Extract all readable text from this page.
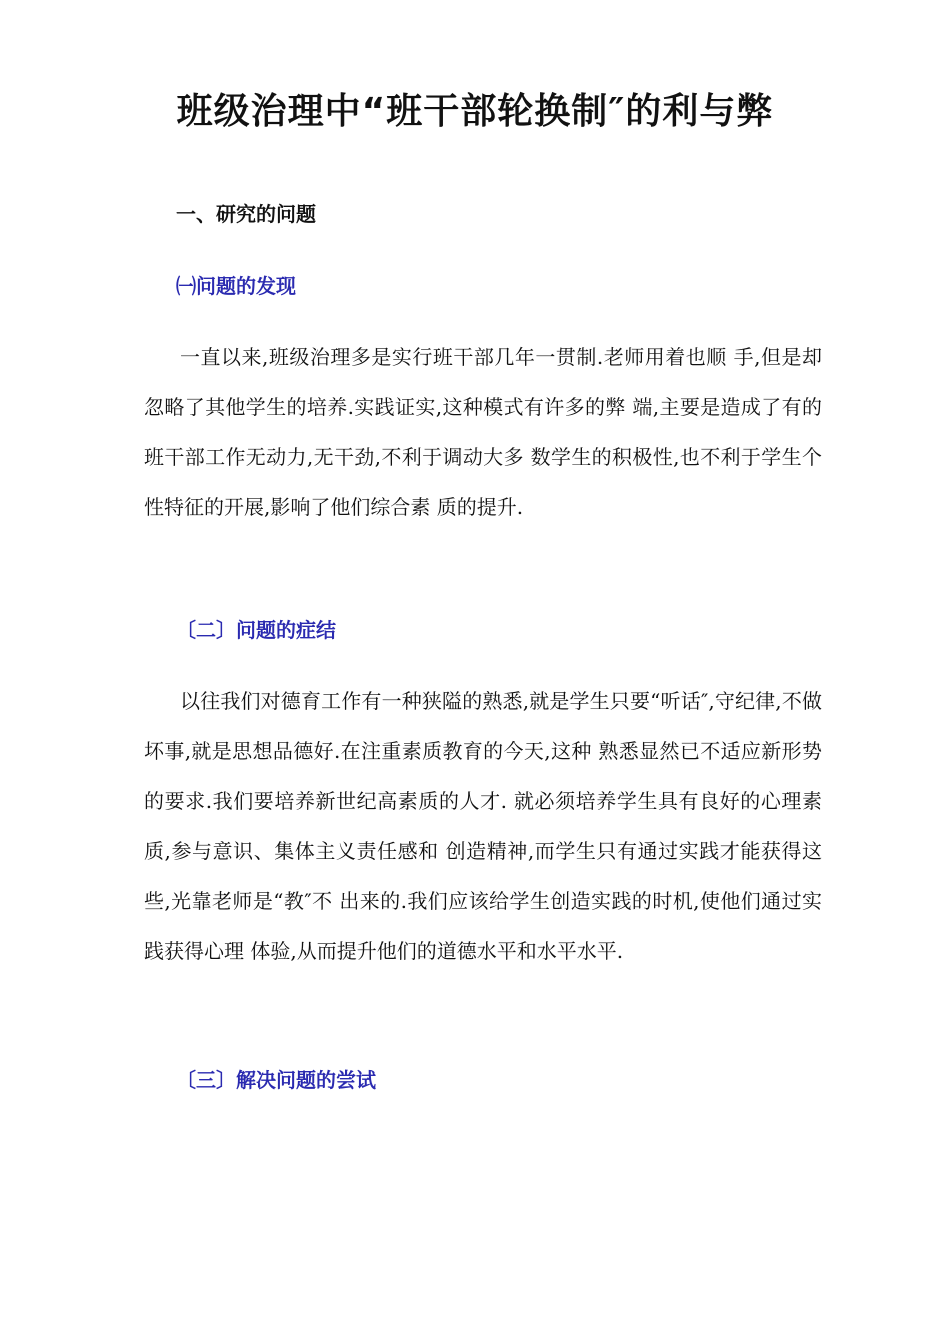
班级治理中“班干部轮换制″的利与弊
一、研究的问题
㈠问题的发现

一直以来,班级治理多是实行班干部几年一贯制.老师用着也顺 手,但是却忽略了其他学生的培养.实践证实,这种模式有许多的弊 端,主要是造成了有的班干部工作无动力,无干劲,不利于调动大多 数学生的积极性,也不利于学生个性特征的开展,影响了他们综合素 质的提升.

〔二〕问题的症结

以往我们对德育工作有一种狭隘的熟悉,就是学生只要“听话″,守纪律,不做坏事,就是思想品德好.在注重素质教育的今天,这种 熟悉显然已不适应新形势的要求.我们要培养新世纪高素质的人才. 就必须培养学生具有良好的心理素质,参与意识、集体主义责任感和 创造精神,而学生只有通过实践才能获得这些,光靠老师是“教″不 出来的.我们应该给学生创造实践的时机,使他们通过实践获得心理 体验,从而提升他们的道德水平和水平水平.

〔三〕解决问题的尝试
